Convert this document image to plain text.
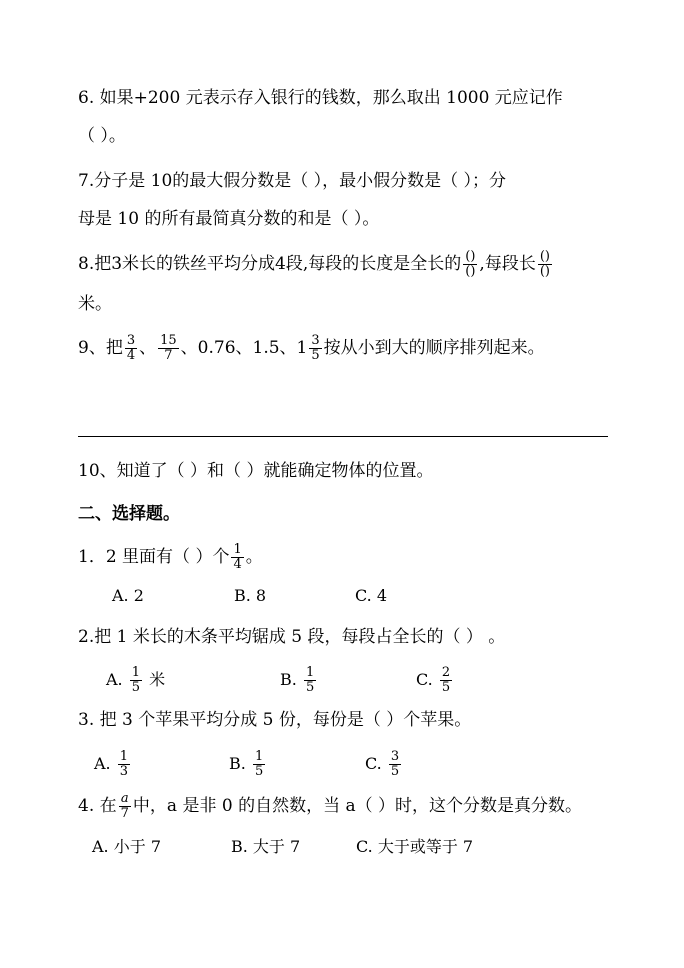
6. 如果+200 元表示存入银行的钱数，那么取出 1000 元应记作
（ ）。
7.分子是 10的最大假分数是（ ），最小假分数是（ ）；分
母是 10 的所有最简真分数的和是（ ）。
8.把3米长的铁丝平均分成4段,每段的长度是全长的 $\frac{()}{()}$ ,每段长 $\frac{()}{()}$
米。
9、把 $\frac{3}{4}$ 、 $\frac{15}{7}$ 、0.76、1.5、$1 \frac{3}{5}$ 按从小到大的顺序排列起来。
10、知道了（ ）和（ ）就能确定物体的位置。
二、选择题。
1．2 里面有（ ）个 $\frac{1}{4}$ 。
A. 2	B. 8	C. 4
2.把 1 米长的木条平均锯成 5 段，每段占全长的（ ） 。
A. $\frac{1}{5}$ 米	B. $\frac{1}{5}$	C. $\frac{2}{5}$
3. 把 3 个苹果平均分成 5 份，每份是（ ）个苹果。
A. $\frac{1}{3}$	B. $\frac{1}{5}$	C. $\frac{3}{5}$
4. 在 $\frac{a}{7}$ 中，a 是非 0 的自然数，当 a（ ）时，这个分数是真分数。
A. 小于 7	B. 大于 7	C. 大于或等于 7
